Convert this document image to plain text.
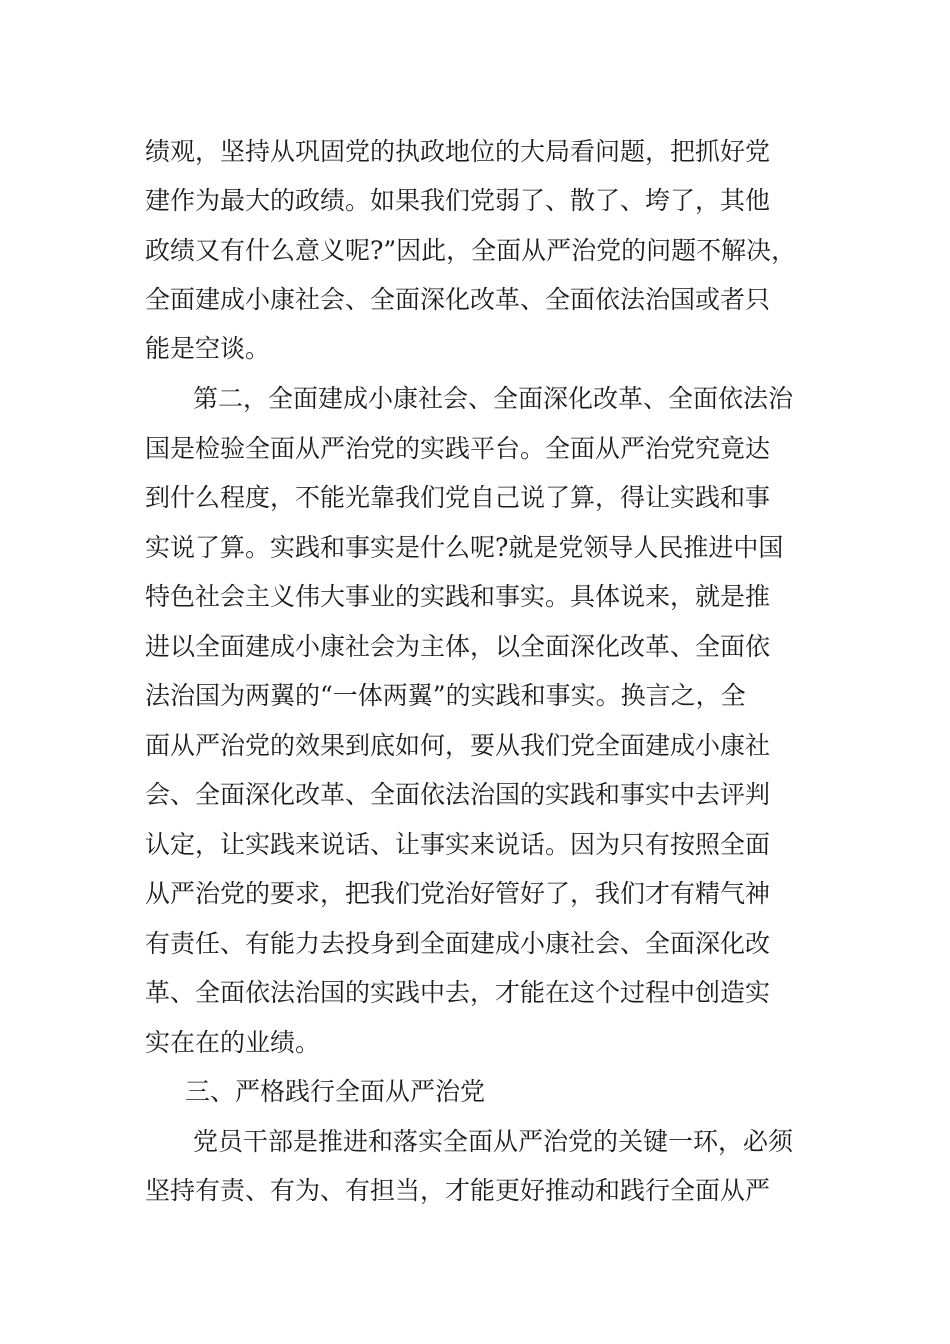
绩观，坚持从巩固党的执政地位的大局看问题，把抓好党
建作为最大的政绩。如果我们党弱了、散了、垮了，其他
政绩又有什么意义呢?”因此，全面从严治党的问题不解决，
全面建成小康社会、全面深化改革、全面依法治国或者只
能是空谈。
第二，全面建成小康社会、全面深化改革、全面依法治
国是检验全面从严治党的实践平台。全面从严治党究竟达
到什么程度，不能光靠我们党自己说了算，得让实践和事
实说了算。实践和事实是什么呢?就是党领导人民推进中国
特色社会主义伟大事业的实践和事实。具体说来，就是推
进以全面建成小康社会为主体，以全面深化改革、全面依
法治国为两翼的“一体两翼”的实践和事实。换言之，全
面从严治党的效果到底如何，要从我们党全面建成小康社
会、全面深化改革、全面依法治国的实践和事实中去评判
认定，让实践来说话、让事实来说话。因为只有按照全面
从严治党的要求，把我们党治好管好了，我们才有精气神
有责任、有能力去投身到全面建成小康社会、全面深化改
革、全面依法治国的实践中去，才能在这个过程中创造实
实在在的业绩。
三、严格践行全面从严治党
党员干部是推进和落实全面从严治党的关键一环，必须
坚持有责、有为、有担当，才能更好推动和践行全面从严
